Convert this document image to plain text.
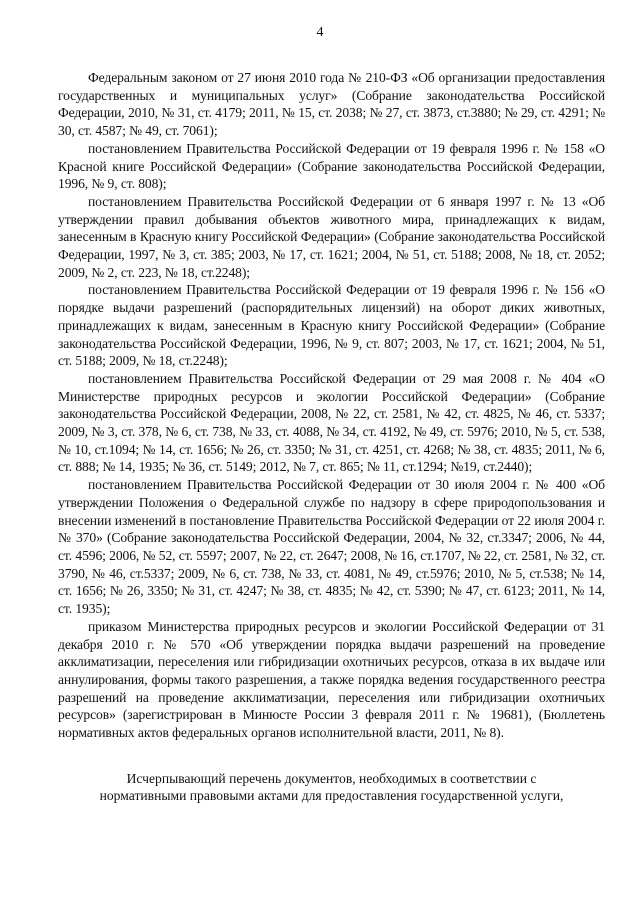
4

Федеральным законом от 27 июня 2010 года № 210-ФЗ «Об организации предоставления государственных и муниципальных услуг» (Собрание законодательства Российской Федерации, 2010, № 31, ст. 4179; 2011, № 15, ст. 2038; № 27, ст. 3873, ст.3880; № 29, ст. 4291; № 30, ст. 4587; № 49, ст. 7061);

постановлением Правительства Российской Федерации от 19 февраля 1996 г. № 158 «О Красной книге Российской Федерации» (Собрание законодательства Российской Федерации, 1996, № 9, ст. 808);

постановлением Правительства Российской Федерации от 6 января 1997 г. № 13 «Об утверждении правил добывания объектов животного мира, принадлежащих к видам, занесенным в Красную книгу Российской Федерации» (Собрание законодательства Российской Федерации, 1997, № 3, ст. 385; 2003, № 17, ст. 1621; 2004, № 51, ст. 5188; 2008, № 18, ст. 2052; 2009, № 2, ст. 223, № 18, ст.2248);

постановлением Правительства Российской Федерации от 19 февраля 1996 г. № 156 «О порядке выдачи разрешений (распорядительных лицензий) на оборот диких животных, принадлежащих к видам, занесенным в Красную книгу Российской Федерации» (Собрание законодательства Российской Федерации, 1996, № 9, ст. 807; 2003, № 17, ст. 1621; 2004, № 51, ст. 5188; 2009, № 18, ст.2248);

постановлением Правительства Российской Федерации от 29 мая 2008 г. № 404 «О Министерстве природных ресурсов и экологии Российской Федерации» (Собрание законодательства Российской Федерации, 2008, № 22, ст. 2581, № 42, ст. 4825, № 46, ст. 5337; 2009, № 3, ст. 378, № 6, ст. 738, № 33, ст. 4088, № 34, ст. 4192, № 49, ст. 5976; 2010, № 5, ст. 538, № 10, ст.1094; № 14, ст. 1656; № 26, ст. 3350; № 31, ст. 4251, ст. 4268; № 38, ст. 4835; 2011, № 6, ст. 888; № 14, 1935; № 36, ст. 5149; 2012, № 7, ст. 865; № 11, ст.1294; №19, ст.2440);

постановлением Правительства Российской Федерации от 30 июля 2004 г. № 400 «Об утверждении Положения о Федеральной службе по надзору в сфере природопользования и внесении изменений в постановление Правительства Российской Федерации от 22 июля 2004 г. № 370» (Собрание законодательства Российской Федерации, 2004, № 32, ст.3347; 2006, № 44, ст. 4596; 2006, № 52, ст. 5597; 2007, № 22, ст. 2647; 2008, № 16, ст.1707, № 22, ст. 2581, № 32, ст. 3790, № 46, ст.5337; 2009, № 6, ст. 738, № 33, ст. 4081, № 49, ст.5976; 2010, № 5, ст.538; № 14, ст. 1656; № 26, 3350; № 31, ст. 4247; № 38, ст. 4835; № 42, ст. 5390; № 47, ст. 6123; 2011, № 14, ст. 1935);

приказом Министерства природных ресурсов и экологии Российской Федерации от 31 декабря 2010 г. № 570 «Об утверждении порядка выдачи разрешений на проведение акклиматизации, переселения или гибридизации охотничьих ресурсов, отказа в их выдаче или аннулирования, формы такого разрешения, а также порядка ведения государственного реестра разрешений на проведение акклиматизации, переселения или гибридизации охотничьих ресурсов» (зарегистрирован в Минюсте России 3 февраля 2011 г. № 19681), (Бюллетень нормативных актов федеральных органов исполнительной власти, 2011, № 8).

Исчерпывающий перечень документов, необходимых в соответствии с
нормативными правовыми актами для предоставления государственной услуги,
